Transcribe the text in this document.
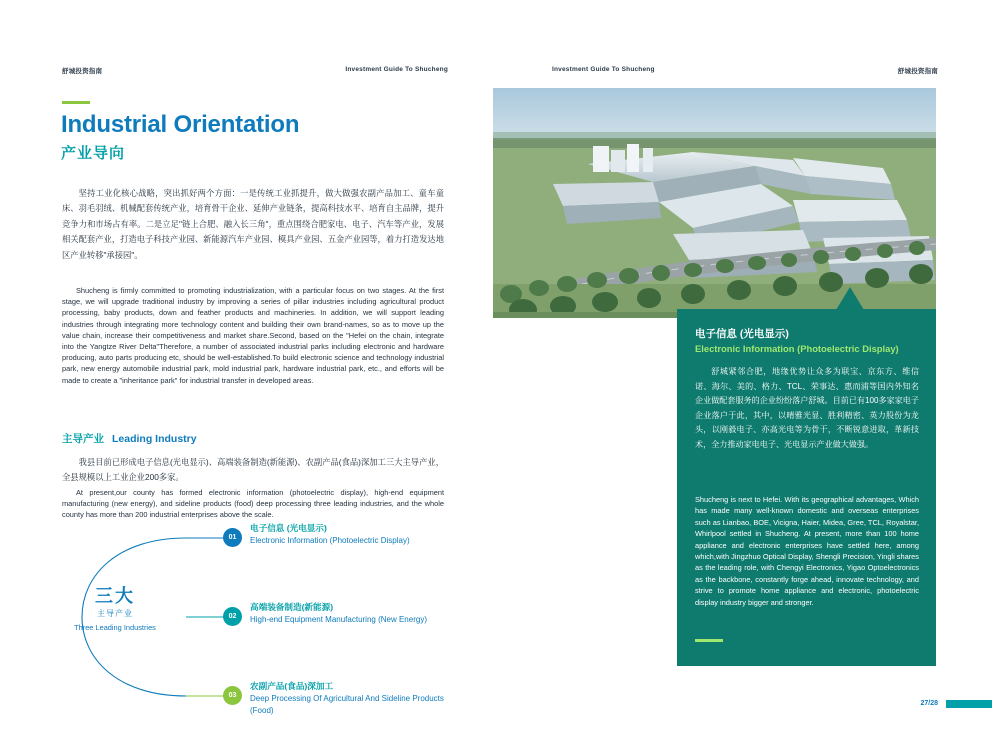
舒城投资指南	Investment Guide To Shucheng
Industrial Orientation
产业导向
坚持工业化核心战略，突出抓好两个方面：一是传统工业抓提升，做大做强农副产品加工、童车童床、羽毛羽绒、机械配套传统产业，培育骨干企业、延伸产业链条，提高科技水平、培育自主品牌，提升竞争力和市场占有率。二是立足"链上合肥、融入长三角"，重点围绕合肥家电、电子、汽车等产业，发展相关配套产业，打造电子科技产业园、新能源汽车产业园、模具产业园、五金产业园等，着力打造发达地区产业转移"承接园"。
Shucheng is firmly committed to promoting industrialization, with a particular focus on two stages. At the first stage, we will upgrade traditional industry by improving a series of pillar industries including agricultural product processing, baby products, down and feather products and machineries. In addition, we will support leading industries through integrating more technology content and building their own brand-names, so as to move up the value chain, increase their competitiveness and market share.Second, based on the "Hefei on the chain, integrate into the Yangtze River Delta"Therefore, a number of associated industrial parks including electronic and hardware producing, auto parts producing etc, should be well-established.To build electronic science and technology industrial park, new energy automobile industrial park, mold industrial park, hardware industrial park, etc., and efforts will be made to create a "inheritance park" for industrial transfer in developed areas.
主导产业 Leading Industry
我县目前已形成电子信息(光电显示)、高端装备制造(新能源)、农副产品(食品)深加工三大主导产业，全县规模以上工业企业200多家。
At present,our county has formed electronic information (photoelectric display), high-end equipment manufacturing (new energy), and sideline products (food) deep processing three leading industries, and the whole county has more than 200 industrial enterprises above the scale.
三大
主导产业
Three Leading Industries
01
电子信息 (光电显示)
Electronic Information (Photoelectric Display)
02
高端装备制造(新能源)
High-end Equipment Manufacturing (New Energy)
03
农副产品(食品)深加工
Deep Processing Of Agricultural And Sideline Products (Food)
Investment Guide To Shucheng	舒城投资指南
电子信息 (光电显示)
Electronic Information (Photoelectric Display)
舒城紧邻合肥，地缘优势让众多为联宝、京东方、维信诺、海尔、美的、格力、TCL、荣事达、惠而浦等国内外知名企业做配套服务的企业纷纷落户舒城。目前已有100多家家电子企业落户于此，其中，以晴雅光显、胜利精密、英力股份为龙头，以刚毅电子、亦高光电等为骨干，不断锐意进取，革新技术，全力推动家电电子、光电显示产业做大做强。
Shucheng is next to Hefei. With its geographical advantages, Which has made many well-known domestic and overseas enterprises such as Lianbao, BOE, Vicigna, Haier, Midea, Gree, TCL, Royalstar, Whirlpool settled in Shucheng. At present, more than 100 home appliance and electronic enterprises have settled here, among which,with Jingzhuo Optical Display, Shengli Precision, Yingli shares as the leading role, with Chengyi Electronics, Yigao Optoelectronics as the backbone, constantly forge ahead, innovate technology, and strive to promote home appliance and electronic, photoelectric display industry bigger and stronger.
27/28
